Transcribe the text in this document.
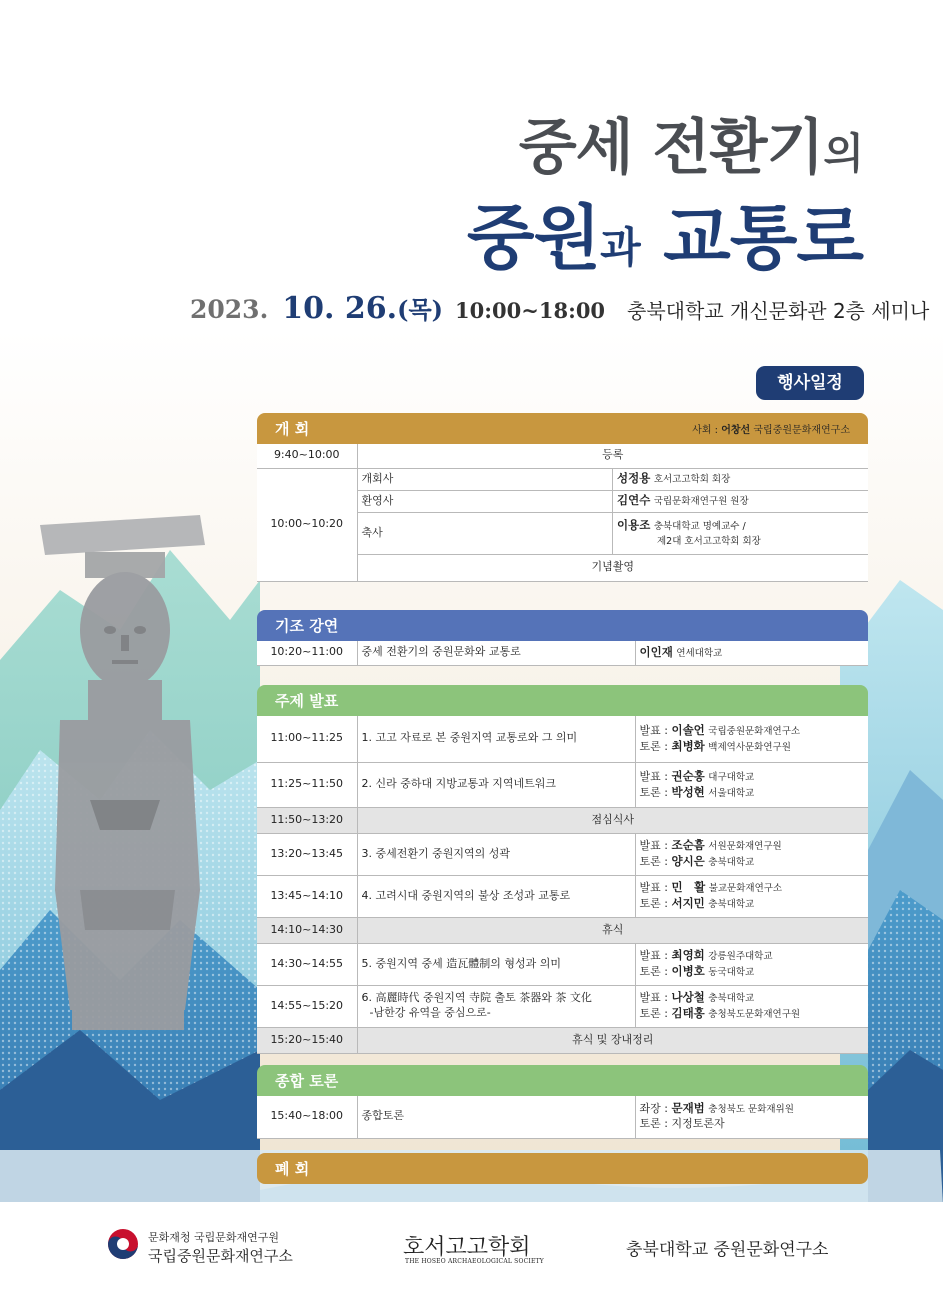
중세 전환기의
중원과 교통로
2023. 10. 26. (목) 10:00~18:00 충북대학교 개신문화관 2층 세미나
행사일정
개 회	사회 : 어창선 국립중원문화재연구소
9:40~10:00	등록	
10:00~10:20	개회사	성정용 호서고고학회 회장
	환영사	김연수 국립문화재연구원 원장
	축사	이용조 충북대학교 명예교수 /
제2대 호서고고학회 회장
	기념촬영	
기조 강연
10:20~11:00	중세 전환기의 중원문화와 교통로	이인재 연세대학교
주제 발표
11:00~11:25	1. 고고 자료로 본 중원지역 교통로와 그 의미	발표 : 이솔언 국립중원문화재연구소
토론 : 최병화 백제역사문화연구원
11:25~11:50	2. 신라 중하대 지방교통과 지역네트워크	발표 : 권순홍 대구대학교
토론 : 박성현 서울대학교
11:50~13:20	점심식사	
13:20~13:45	3. 중세전환기 중원지역의 성곽	발표 : 조순흠 서원문화재연구원
토론 : 양시은 충북대학교
13:45~14:10	4. 고려시대 중원지역의 불상 조성과 교통로	발표 : 민　활 불교문화재연구소
토론 : 서지민 충북대학교
14:10~14:30	휴식	
14:30~14:55	5. 중원지역 중세 造瓦體制의 형성과 의미	발표 : 최영희 강릉원주대학교
토론 : 이병호 동국대학교
14:55~15:20	6. 高麗時代 중원지역 寺院 출토 茶器와 茶 文化
-남한강 유역을 중심으로-	발표 : 나상철 충북대학교
토론 : 김태홍 충청북도문화재연구원
15:20~15:40	휴식 및 장내정리	
종합 토론
15:40~18:00	종합토론	좌장 : 문재범 충청북도 문화재위원
토론 : 지정토론자
폐 회
문화재청 국립문화재연구원
국립중원문화재연구소	호서고고학회
THE HOSEO ARCHAEOLOGICAL SOCIETY
충북대학교 중원문화연구소
